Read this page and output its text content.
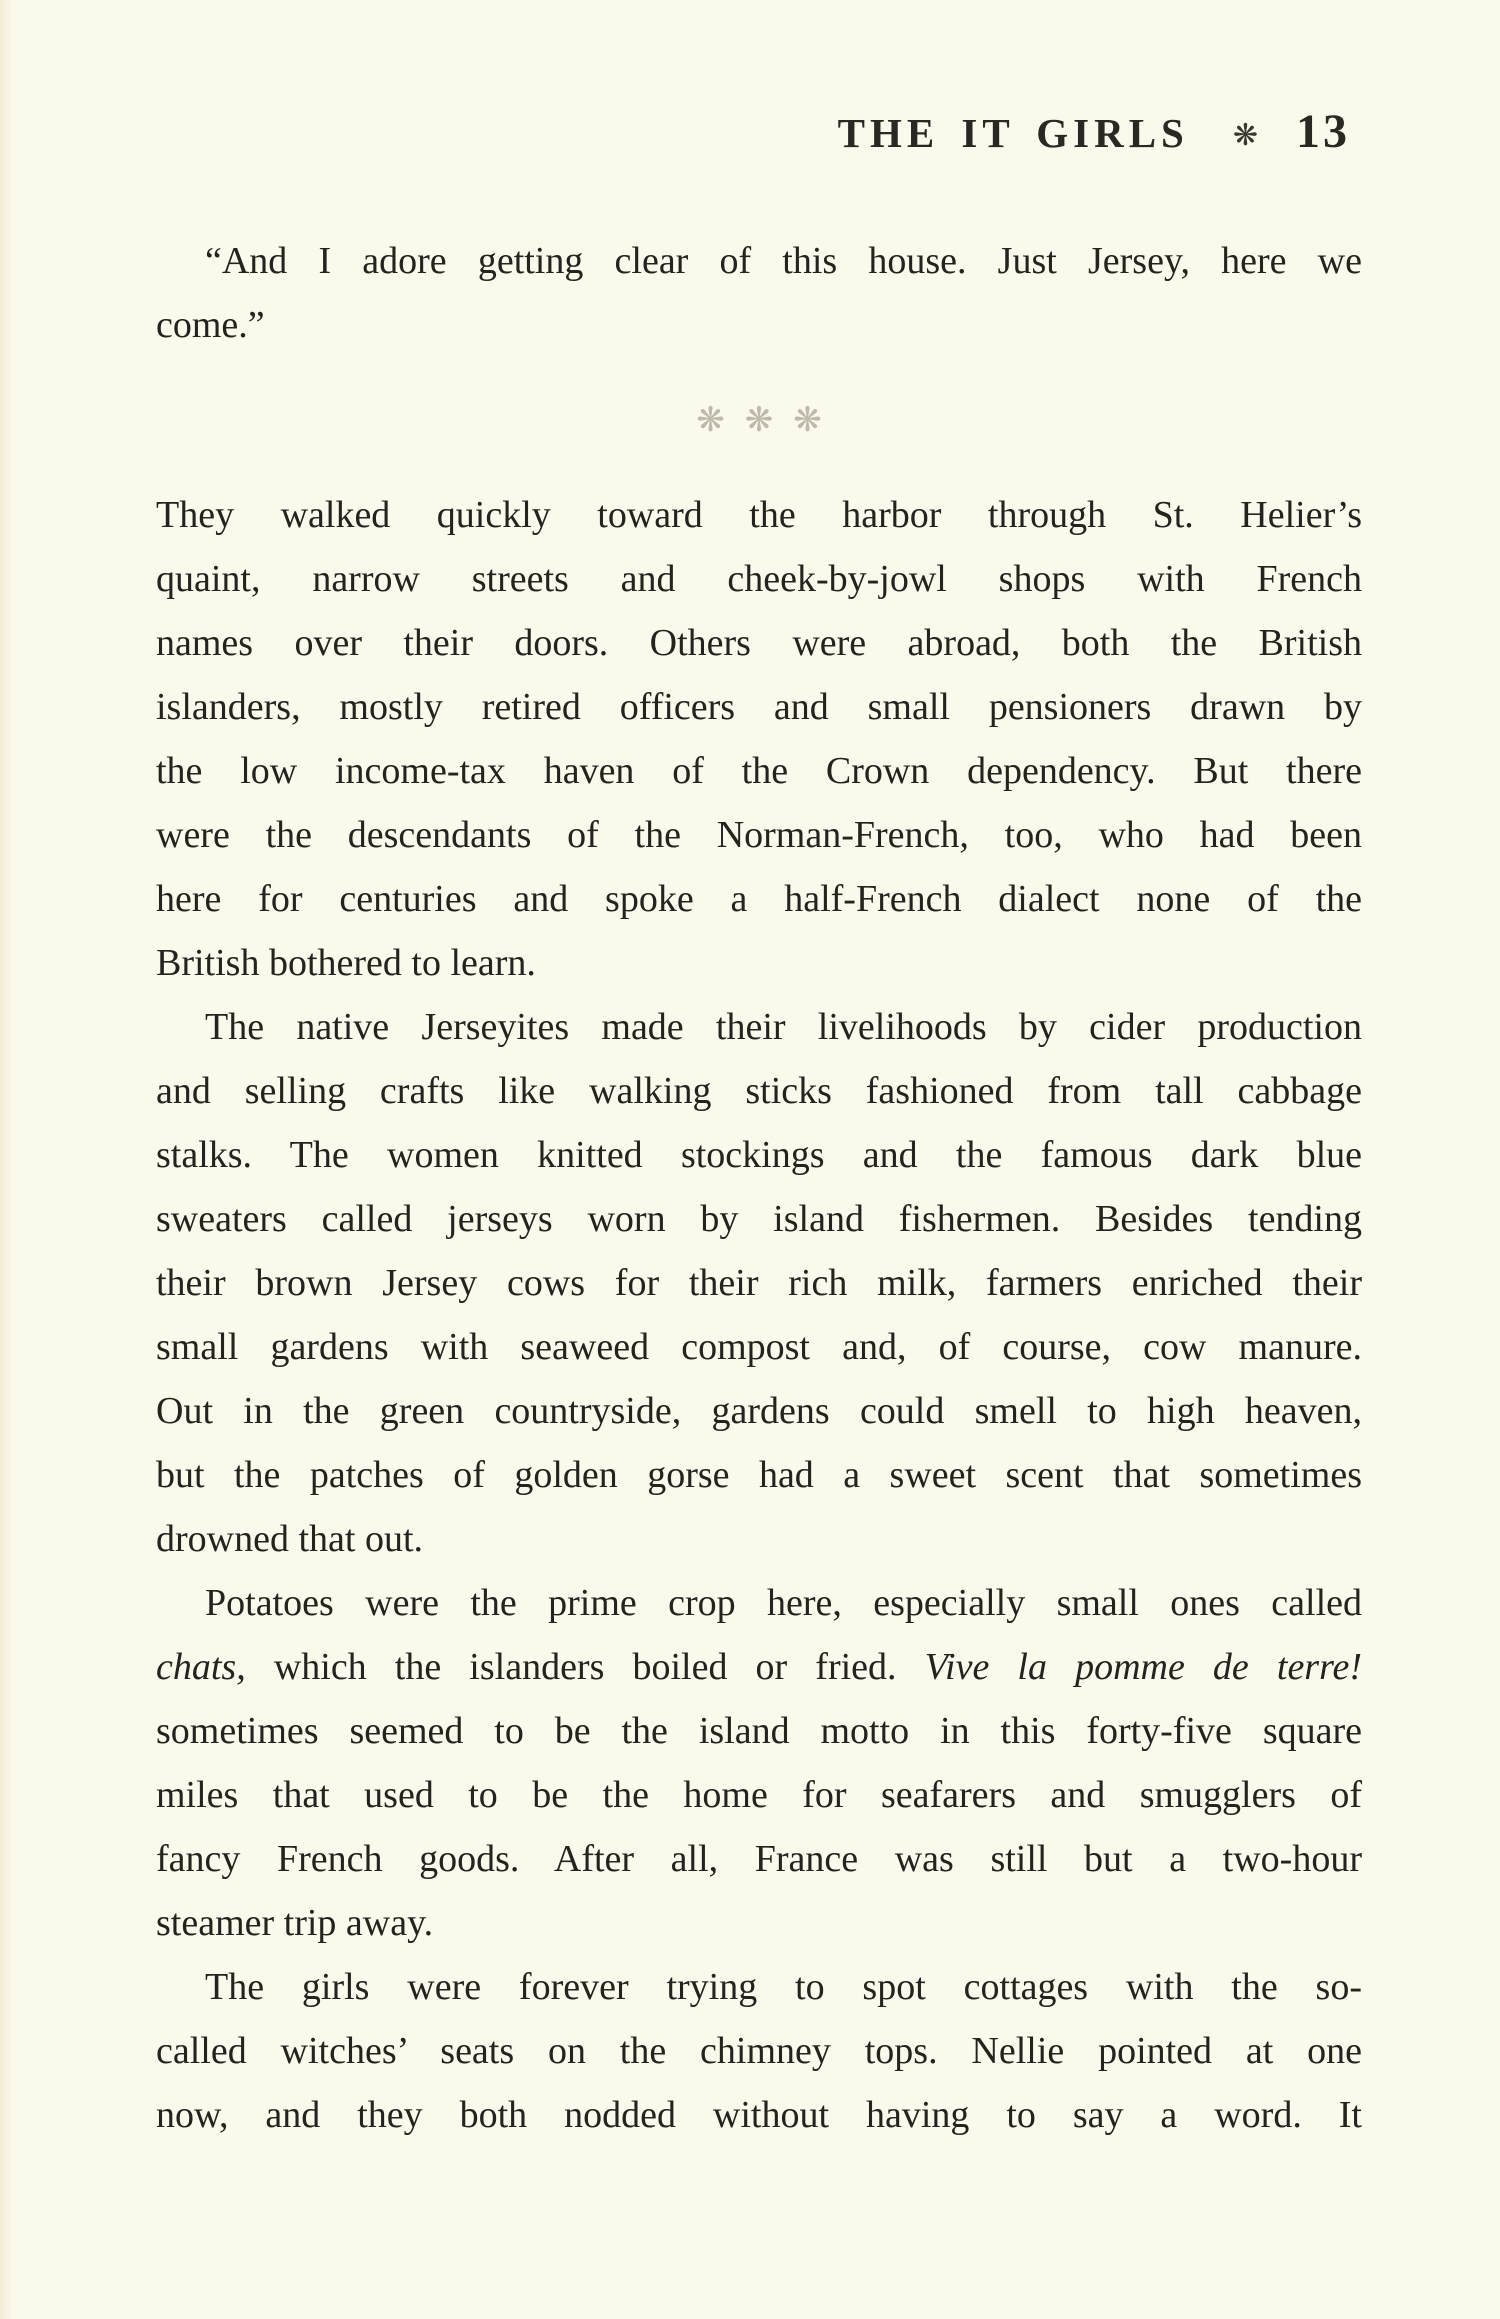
THE IT GIRLS ❋ 13
“And I adore getting clear of this house. Just Jersey, here we
come.”
❋ ❋ ❋
They walked quickly toward the harbor through St. Helier’s
quaint, narrow streets and cheek-by-jowl shops with French
names over their doors. Others were abroad, both the British
islanders, mostly retired officers and small pensioners drawn by
the low income-tax haven of the Crown dependency. But there
were the descendants of the Norman-French, too, who had been
here for centuries and spoke a half-French dialect none of the
British bothered to learn.
The native Jerseyites made their livelihoods by cider production
and selling crafts like walking sticks fashioned from tall cabbage
stalks. The women knitted stockings and the famous dark blue
sweaters called jerseys worn by island fishermen. Besides tending
their brown Jersey cows for their rich milk, farmers enriched their
small gardens with seaweed compost and, of course, cow manure.
Out in the green countryside, gardens could smell to high heaven,
but the patches of golden gorse had a sweet scent that sometimes
drowned that out.
Potatoes were the prime crop here, especially small ones called
chats, which the islanders boiled or fried. Vive la pomme de terre!
sometimes seemed to be the island motto in this forty-five square
miles that used to be the home for seafarers and smugglers of
fancy French goods. After all, France was still but a two-hour
steamer trip away.
The girls were forever trying to spot cottages with the so-
called witches’ seats on the chimney tops. Nellie pointed at one
now, and they both nodded without having to say a word. It
